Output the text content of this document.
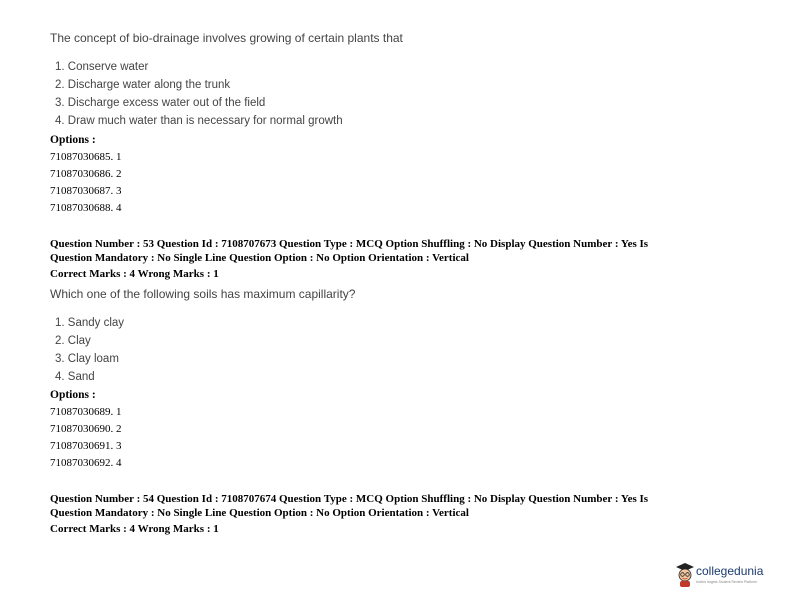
The concept of bio-drainage involves growing of certain plants that
1. Conserve water
2. Discharge water along the trunk
3. Discharge excess water out of the field
4. Draw much water than is necessary for normal growth
Options :
71087030685. 1
71087030686. 2
71087030687. 3
71087030688. 4
Question Number : 53 Question Id : 7108707673 Question Type : MCQ Option Shuffling : No Display Question Number : Yes Is
Question Mandatory : No Single Line Question Option : No Option Orientation : Vertical
Correct Marks : 4 Wrong Marks : 1
Which one of the following soils has maximum capillarity?
1. Sandy clay
2. Clay
3. Clay loam
4. Sand
Options :
71087030689. 1
71087030690. 2
71087030691. 3
71087030692. 4
Question Number : 54 Question Id : 7108707674 Question Type : MCQ Option Shuffling : No Display Question Number : Yes Is
Question Mandatory : No Single Line Question Option : No Option Orientation : Vertical
Correct Marks : 4 Wrong Marks : 1
collegedunia
India's largest Student Review Platform
